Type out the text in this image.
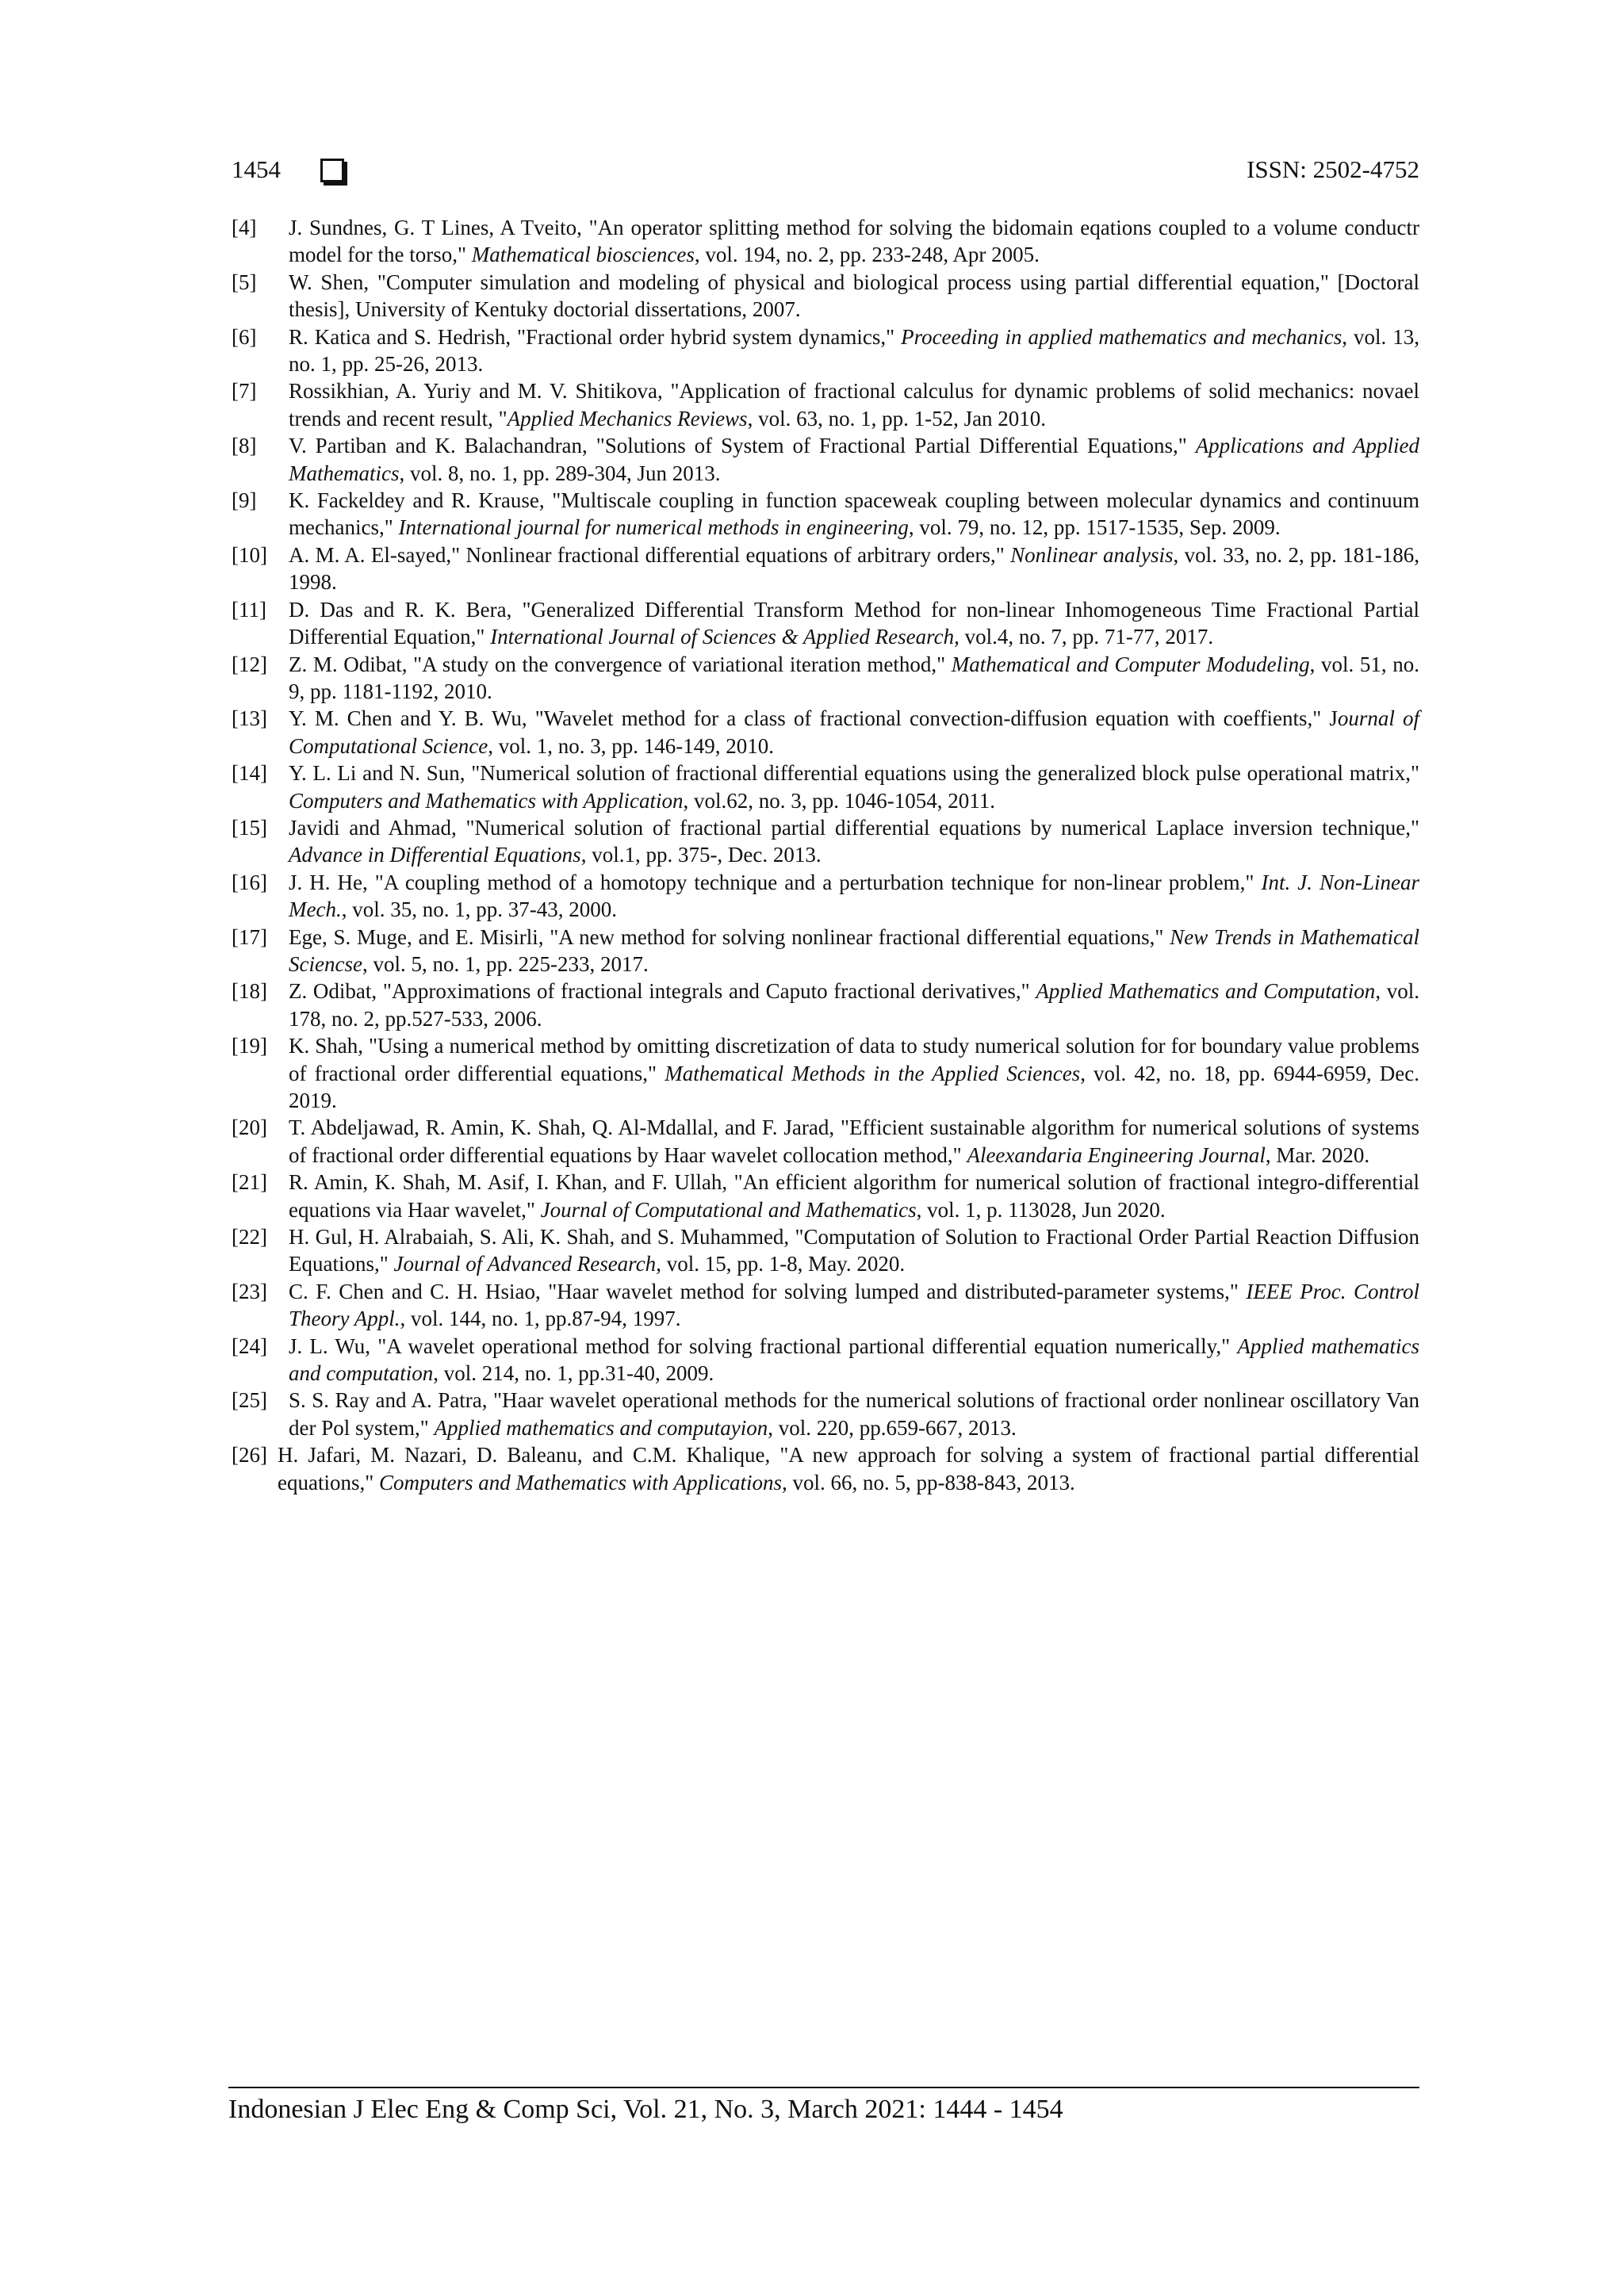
1454	ISSN: 2502-4752
[4] J. Sundnes, G. T Lines, A Tveito, "An operator splitting method for solving the bidomain eqations coupled to a volume conductr model for the torso," Mathematical biosciences, vol. 194, no. 2, pp. 233-248, Apr 2005.
[5] W. Shen, "Computer simulation and modeling of physical and biological process using partial differential equation," [Doctoral thesis], University of Kentuky doctorial dissertations, 2007.
[6] R. Katica and S. Hedrish, "Fractional order hybrid system dynamics," Proceeding in applied mathematics and mechanics, vol. 13, no. 1, pp. 25-26, 2013.
[7] Rossikhian, A. Yuriy and M. V. Shitikova, "Application of fractional calculus for dynamic problems of solid mechanics: novael trends and recent result, "Applied Mechanics Reviews, vol. 63, no. 1, pp. 1-52, Jan 2010.
[8] V. Partiban and K. Balachandran, "Solutions of System of Fractional Partial Differential Equations," Applications and Applied Mathematics, vol. 8, no. 1, pp. 289-304, Jun 2013.
[9] K. Fackeldey and R. Krause, "Multiscale coupling in function spaceweak coupling between molecular dynamics and continuum mechanics," International journal for numerical methods in engineering, vol. 79, no. 12, pp. 1517-1535, Sep. 2009.
[10] A. M. A. El-sayed," Nonlinear fractional differential equations of arbitrary orders," Nonlinear analysis, vol. 33, no. 2, pp. 181-186, 1998.
[11] D. Das and R. K. Bera, "Generalized Differential Transform Method for non-linear Inhomogeneous Time Fractional Partial Differential Equation," International Journal of Sciences & Applied Research, vol.4, no. 7, pp. 71-77, 2017.
[12] Z. M. Odibat, "A study on the convergence of variational iteration method," Mathematical and Computer Modudeling, vol. 51, no. 9, pp. 1181-1192, 2010.
[13] Y. M. Chen and Y. B. Wu, "Wavelet method for a class of fractional convection-diffusion equation with coeffients," Journal of Computational Science, vol. 1, no. 3, pp. 146-149, 2010.
[14] Y. L. Li and N. Sun, "Numerical solution of fractional differential equations using the generalized block pulse operational matrix," Computers and Mathematics with Application, vol.62, no. 3, pp. 1046-1054, 2011.
[15] Javidi and Ahmad, "Numerical solution of fractional partial differential equations by numerical Laplace inversion technique," Advance in Differential Equations, vol.1, pp. 375-, Dec. 2013.
[16] J. H. He, "A coupling method of a homotopy technique and a perturbation technique for non-linear problem," Int. J. Non-Linear Mech., vol. 35, no. 1, pp. 37-43, 2000.
[17] Ege, S. Muge, and E. Misirli, "A new method for solving nonlinear fractional differential equations," New Trends in Mathematical Sciencse, vol. 5, no. 1, pp. 225-233, 2017.
[18] Z. Odibat, "Approximations of fractional integrals and Caputo fractional derivatives," Applied Mathematics and Computation, vol. 178, no. 2, pp.527-533, 2006.
[19] K. Shah, "Using a numerical method by omitting discretization of data to study numerical solution for for boundary value problems of fractional order differential equations," Mathematical Methods in the Applied Sciences, vol. 42, no. 18, pp. 6944-6959, Dec. 2019.
[20] T. Abdeljawad, R. Amin, K. Shah, Q. Al-Mdallal, and F. Jarad, "Efficient sustainable algorithm for numerical solutions of systems of fractional order differential equations by Haar wavelet collocation method," Aleexandaria Engineering Journal, Mar. 2020.
[21] R. Amin, K. Shah, M. Asif, I. Khan, and F. Ullah, "An efficient algorithm for numerical solution of fractional integro-differential equations via Haar wavelet," Journal of Computational and Mathematics, vol. 1, p. 113028, Jun 2020.
[22] H. Gul, H. Alrabaiah, S. Ali, K. Shah, and S. Muhammed, "Computation of Solution to Fractional Order Partial Reaction Diffusion Equations," Journal of Advanced Research, vol. 15, pp. 1-8, May. 2020.
[23] C. F. Chen and C. H. Hsiao, "Haar wavelet method for solving lumped and distributed-parameter systems," IEEE Proc. Control Theory Appl., vol. 144, no. 1, pp.87-94, 1997.
[24] J. L. Wu, "A wavelet operational method for solving fractional partional differential equation numerically," Applied mathematics and computation, vol. 214, no. 1, pp.31-40, 2009.
[25] S. S. Ray and A. Patra, "Haar wavelet operational methods for the numerical solutions of fractional order nonlinear oscillatory Van der Pol system," Applied mathematics and computayion, vol. 220, pp.659-667, 2013.
[26] H. Jafari, M. Nazari, D. Baleanu, and C.M. Khalique, "A new approach for solving a system of fractional partial differential equations," Computers and Mathematics with Applications, vol. 66, no. 5, pp-838-843, 2013.
Indonesian J Elec Eng & Comp Sci, Vol. 21, No. 3, March 2021: 1444 - 1454
